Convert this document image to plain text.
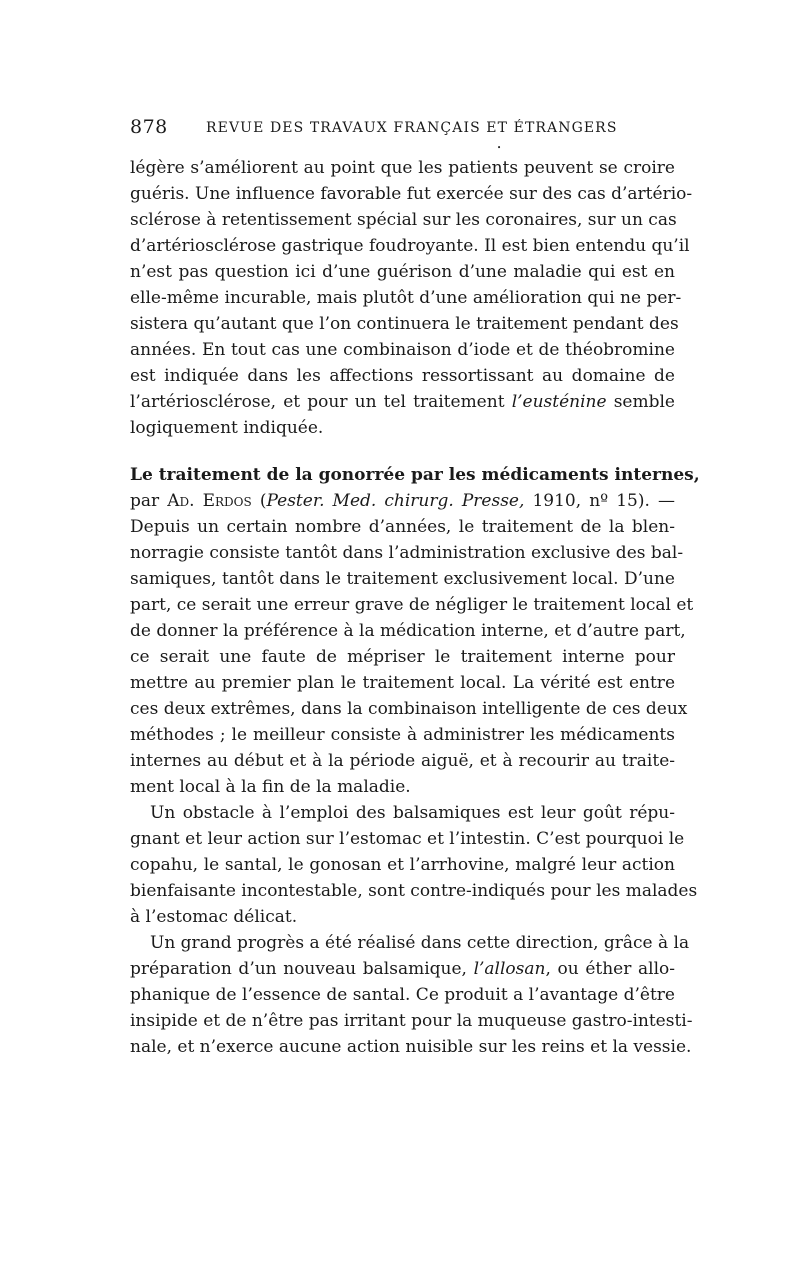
878	REVUE DES TRAVAUX FRANÇAIS ET ÉTRANGERS
•
légère s’améliorent au point que les patients peuvent se croire
guéris. Une influence favorable fut exercée sur des cas d’artério-
sclérose à retentissement spécial sur les coronaires, sur un cas
d’artériosclérose gastrique foudroyante. Il est bien entendu qu’il
n’est pas question ici d’une guérison d’une maladie qui est en
elle-même incurable, mais plutôt d’une amélioration qui ne per-
sistera qu’autant que l’on continuera le traitement pendant des
années. En tout cas une combinaison d’iode et de théobromine
est indiquée dans les affections ressortissant au domaine de
l’artériosclérose, et pour un tel traitement l’eusténine semble
logiquement indiquée.
Le traitement de la gonorrée par les médicaments internes,
par Ad. Erdos (Pester. Med. chirurg. Presse, 1910, nº 15). —
Depuis un certain nombre d’années, le traitement de la blen-
norragie consiste tantôt dans l’administration exclusive des bal-
samiques, tantôt dans le traitement exclusivement local. D’une
part, ce serait une erreur grave de négliger le traitement local et
de donner la préférence à la médication interne, et d’autre part,
ce serait une faute de mépriser le traitement interne pour
mettre au premier plan le traitement local. La vérité est entre
ces deux extrêmes, dans la combinaison intelligente de ces deux
méthodes ; le meilleur consiste à administrer les médicaments
internes au début et à la période aiguë, et à recourir au traite-
ment local à la fin de la maladie.
Un obstacle à l’emploi des balsamiques est leur goût répu-
gnant et leur action sur l’estomac et l’intestin. C’est pourquoi le
copahu, le santal, le gonosan et l’arrhovine, malgré leur action
bienfaisante incontestable, sont contre-indiqués pour les malades
à l’estomac délicat.
Un grand progrès a été réalisé dans cette direction, grâce à la
préparation d’un nouveau balsamique, l’allosan, ou éther allo-
phanique de l’essence de santal. Ce produit a l’avantage d’être
insipide et de n’être pas irritant pour la muqueuse gastro-intesti-
nale, et n’exerce aucune action nuisible sur les reins et la vessie.
